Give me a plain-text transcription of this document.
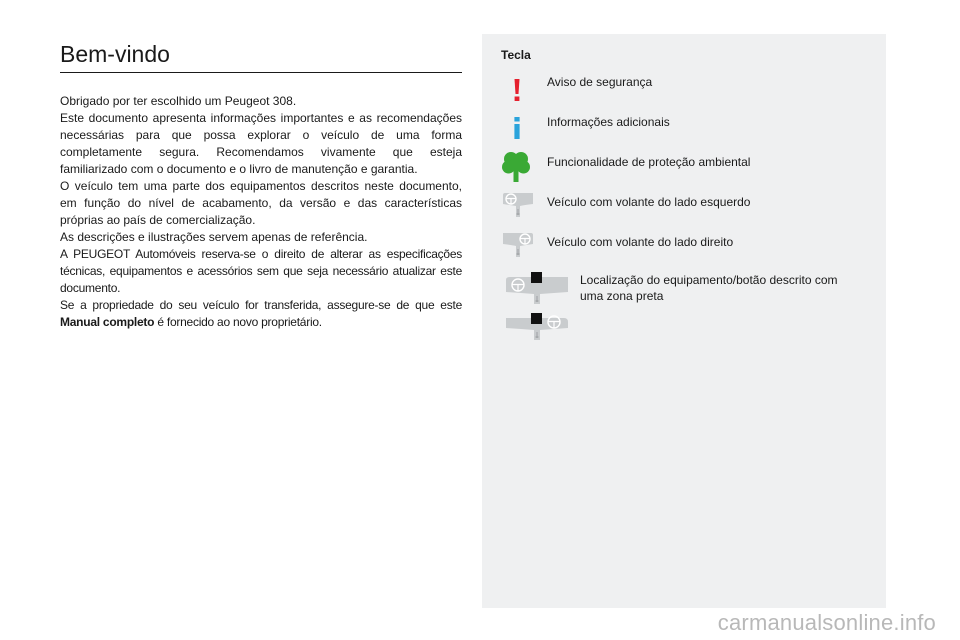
Bem-vindo

Obrigado por ter escolhido um Peugeot 308.

Este documento apresenta informações importantes e as recomendações necessárias para que possa explorar o veículo de uma forma completamente segura. Recomendamos vivamente que esteja familiarizado com o documento e o livro de manutenção e garantia.

O veículo tem uma parte dos equipamentos descritos neste documento, em função do nível de acabamento, da versão e das características próprias ao país de comercialização.

As descrições e ilustrações servem apenas de referência.

A PEUGEOT Automóveis reserva-se o direito de alterar as especificações técnicas, equipamentos e acessórios sem que seja necessário atualizar este documento.

Se a propriedade do seu veículo for transferida, assegure-se de que este Manual completo é fornecido ao novo proprietário.

Tecla
Aviso de segurança
Informações adicionais
Funcionalidade de proteção ambiental
Veículo com volante do lado esquerdo
Veículo com volante do lado direito
Localização do equipamento/botão descrito com uma zona preta
carmanualsonline.info
